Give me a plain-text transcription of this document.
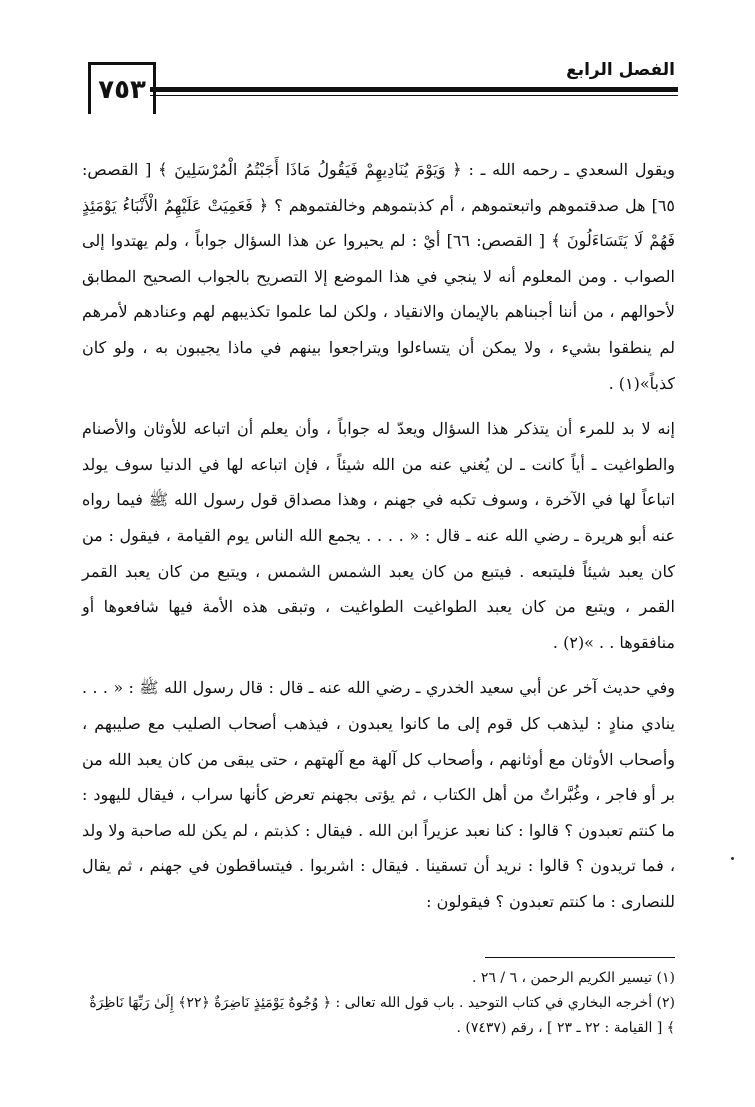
٧٥٣
الفصل الرابع

ويقول السعدي ـ رحمه الله ـ : ﴿ وَيَوْمَ يُنَادِيهِمْ فَيَقُولُ مَاذَا أَجَبْتُمُ الْمُرْسَلِينَ ﴾ [ القصص: ٦٥] هل صدقتموهم واتبعتموهم ، أم كذبتموهم وخالفتموهم ؟ ﴿ فَعَمِيَتْ عَلَيْهِمُ الْأَنْبَاءُ يَوْمَئِذٍ فَهُمْ لَا يَتَسَاءَلُونَ ﴾ [ القصص: ٦٦] أيْ : لم يحيروا عن هذا السؤال جواباً ، ولم يهتدوا إلى الصواب . ومن المعلوم أنه لا ينجي في هذا الموضع إلا التصريح بالجواب الصحيح المطابق لأحوالهم ، من أننا أجبناهم بالإيمان والانقياد ، ولكن لما علموا تكذيبهم لهم وعنادهم لأمرهم لم ينطقوا بشيء ، ولا يمكن أن يتساءلوا ويتراجعوا بينهم في ماذا يجيبون به ، ولو كان كذباً»(١) .

إنه لا بد للمرء أن يتذكر هذا السؤال ويعدّ له جواباً ، وأن يعلم أن اتباعه للأوثان والأصنام والطواغيت ـ أياً كانت ـ لن يُغني عنه من الله شيئاً ، فإن اتباعه لها في الدنيا سوف يولد اتباعاً لها في الآخرة ، وسوف تكبه في جهنم ، وهذا مصداق قول رسول الله ﷺ فيما رواه عنه أبو هريرة ـ رضي الله عنه ـ قال : « . . . . يجمع الله الناس يوم القيامة ، فيقول : من كان يعبد شيئاً فليتبعه . فيتبع من كان يعبد الشمس الشمس ، ويتبع من كان يعبد القمر القمر ، ويتبع من كان يعبد الطواغيت الطواغيت ، وتبقى هذه الأمة فيها شافعوها أو منافقوها . . »(٢) .

وفي حديث آخر عن أبي سعيد الخدري ـ رضي الله عنه ـ قال : قال رسول الله ﷺ : « . . . ينادي منادٍ : ليذهب كل قوم إلى ما كانوا يعبدون ، فيذهب أصحاب الصليب مع صليبهم ، وأصحاب الأوثان مع أوثانهم ، وأصحاب كل آلهة مع آلهتهم ، حتى يبقى من كان يعبد الله من بر أو فاجر ، وغُبَّراتٌ من أهل الكتاب ، ثم يؤتى بجهنم تعرض كأنها سراب ، فيقال لليهود : ما كنتم تعبدون ؟ قالوا : كنا نعبد عزيراً ابن الله . فيقال : كذبتم ، لم يكن لله صاحبة ولا ولد ، فما تريدون ؟ قالوا : نريد أن تسقينا . فيقال : اشربوا . فيتساقطون في جهنم ، ثم يقال للنصارى : ما كنتم تعبدون ؟ فيقولون :

(١) تيسير الكريم الرحمن ، ٦ / ٢٦ .

(٢) أخرجه البخاري في كتاب التوحيد . باب قول الله تعالى : ﴿ وُجُوهٌ يَوْمَئِذٍ نَاضِرَةٌ ﴿٢٢﴾ إِلَىٰ رَبِّهَا نَاظِرَةٌ ﴾ [ القيامة : ٢٢ ـ ٢٣ ] ، رقم (٧٤٣٧) .
